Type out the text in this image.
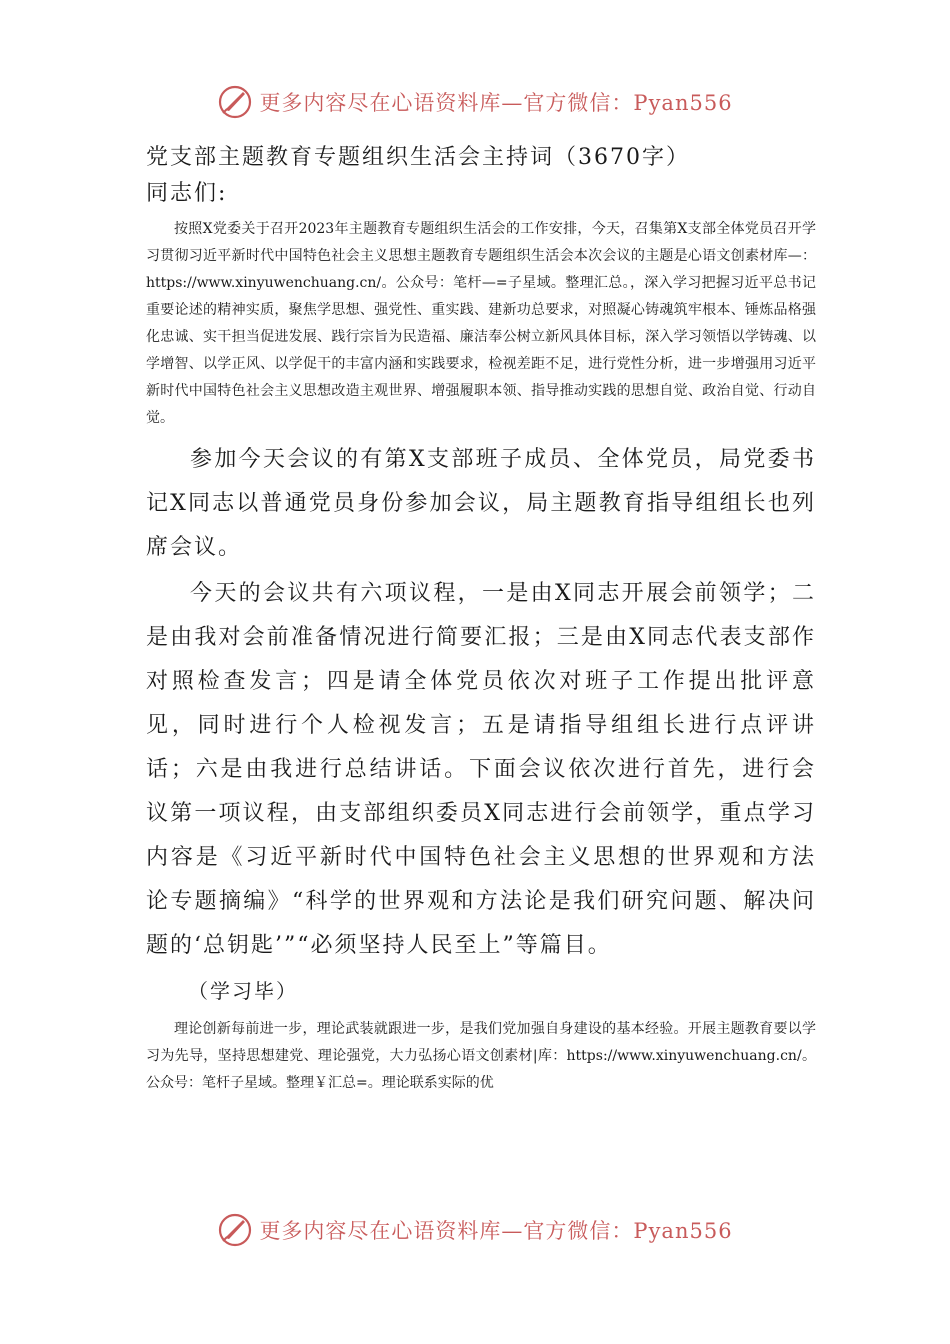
更多内容尽在心语资料库—官方微信：Pyan556
党支部主题教育专题组织生活会主持词（3670字）

同志们:

按照X党委关于召开2023年主题教育专题组织生活会的工作安排，今天，召集第X支部全体党员召开学习贯彻习近平新时代中国特色社会主义思想主题教育专题组织生活会本次会议的主题是心语文创素材库—：https://www.xinyuwenchuang.cn/。公众号：笔杆—=子星域。整理汇总。，深入学习把握习近平总书记重要论述的精神实质，聚焦学思想、强党性、重实践、建新功总要求，对照凝心铸魂筑牢根本、锤炼品格强化忠诚、实干担当促进发展、践行宗旨为民造福、廉洁奉公树立新风具体目标，深入学习领悟以学铸魂、以学增智、以学正风、以学促干的丰富内涵和实践要求，检视差距不足，进行党性分析，进一步增强用习近平新时代中国特色社会主义思想改造主观世界、增强履职本领、指导推动实践的思想自觉、政治自觉、行动自觉。

参加今天会议的有第X支部班子成员、全体党员，局党委书记X同志以普通党员身份参加会议，局主题教育指导组组长也列席会议。

今天的会议共有六项议程，一是由X同志开展会前领学；二是由我对会前准备情况进行简要汇报；三是由X同志代表支部作对照检查发言；四是请全体党员依次对班子工作提出批评意见，同时进行个人检视发言；五是请指导组组长进行点评讲话；六是由我进行总结讲话。下面会议依次进行首先，进行会议第一项议程，由支部组织委员X同志进行会前领学，重点学习内容是《习近平新时代中国特色社会主义思想的世界观和方法论专题摘编》“科学的世界观和方法论是我们研究问题、解决问题的‘总钥匙’”“必须坚持人民至上”等篇目。

（学习毕）

理论创新每前进一步，理论武装就跟进一步，是我们党加强自身建设的基本经验。开展主题教育要以学习为先导，坚持思想建党、理论强党，大力弘扬心语文创素材|库：https://www.xinyuwenchuang.cn/。公众号：笔杆子星域。整理￥汇总=。理论联系实际的优

更多内容尽在心语资料库—官方微信：Pyan556
